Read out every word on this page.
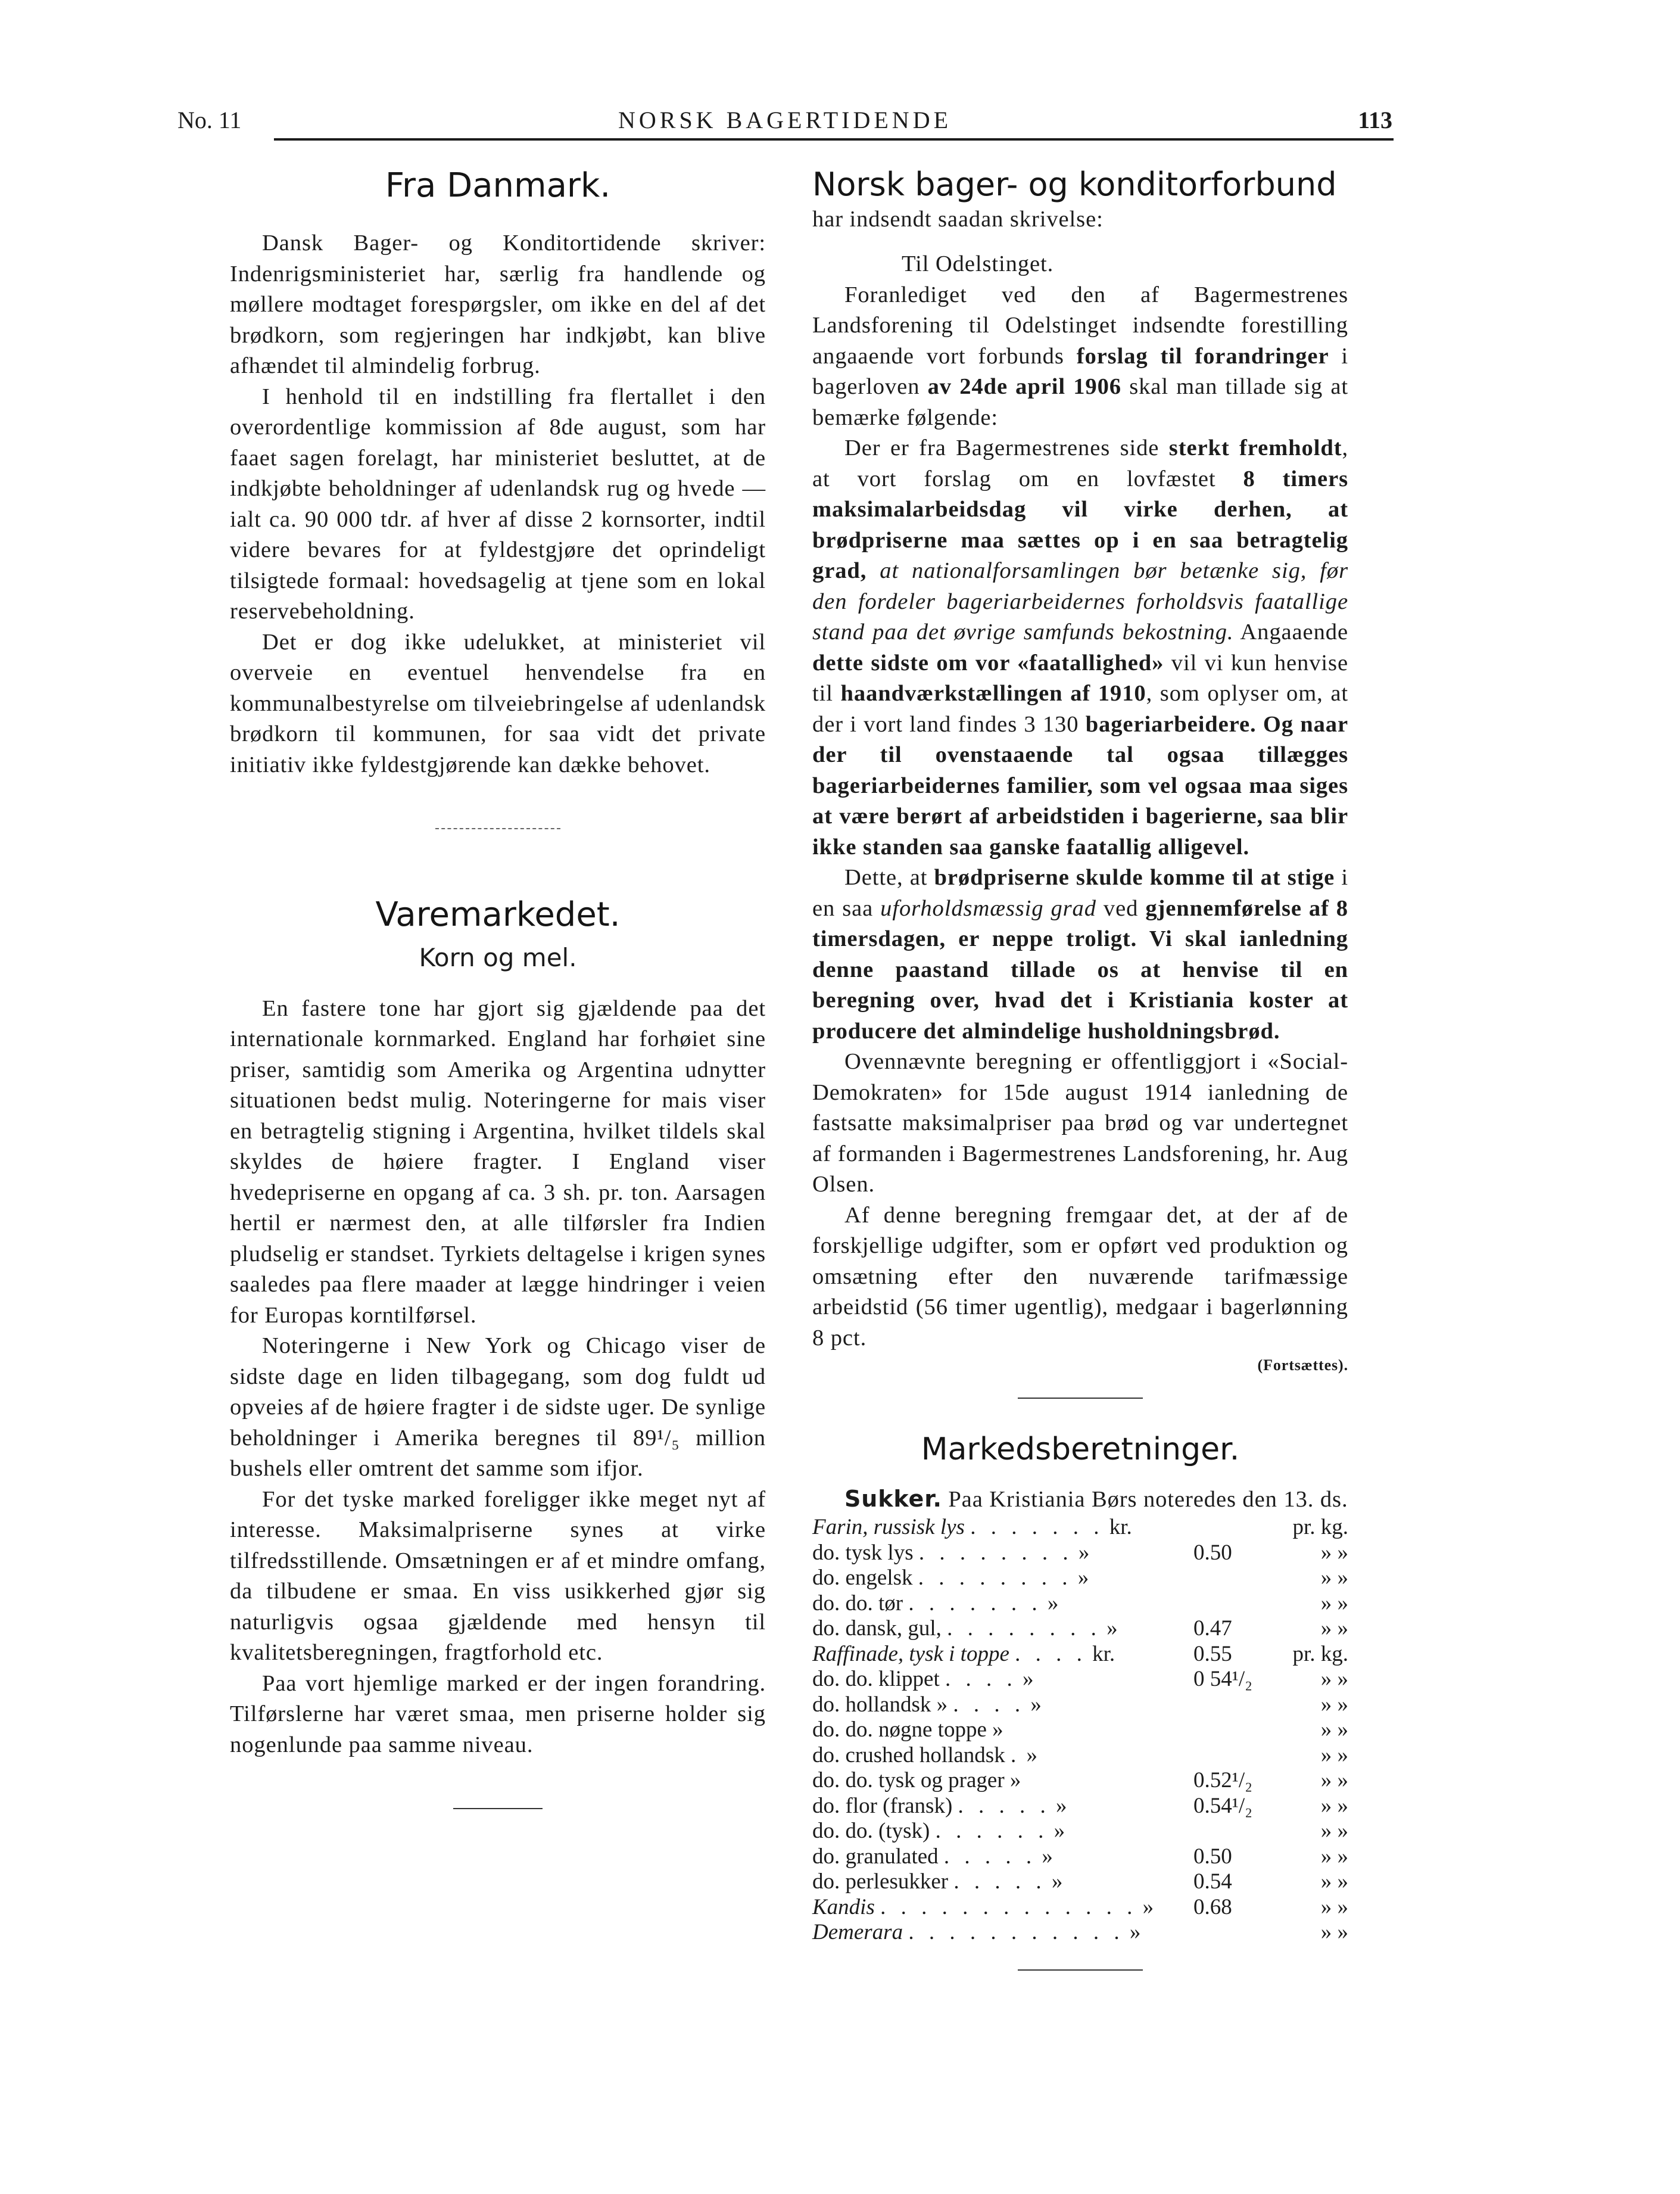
No. 11	NORSK BAGERTIDENDE	113
Fra Danmark.

Dansk Bager- og Konditortidende skriver: Indenrigsministeriet har, særlig fra handlende og møllere modtaget forespørgsler, om ikke en del af det brødkorn, som regjeringen har indkjøbt, kan blive afhændet til almindelig forbrug.

I henhold til en indstilling fra flertallet i den overordentlige kommission af 8de august, som har faaet sagen forelagt, har ministeriet besluttet, at de indkjøbte beholdninger af udenlandsk rug og hvede — ialt ca. 90 000 tdr. af hver af disse 2 kornsorter, indtil videre bevares for at fyldestgjøre det oprindeligt tilsigtede formaal: hovedsagelig at tjene som en lokal reservebeholdning.

Det er dog ikke udelukket, at ministeriet vil overveie en eventuel henvendelse fra en kommunalbestyrelse om tilveiebringelse af udenlandsk brødkorn til kommunen, for saa vidt det private initiativ ikke fyldestgjørende kan dække behovet.

Varemarkedet.
Korn og mel.

En fastere tone har gjort sig gjældende paa det internationale kornmarked. England har forhøiet sine priser, samtidig som Amerika og Argentina udnytter situationen bedst mulig. Noteringerne for mais viser en betragtelig stigning i Argentina, hvilket tildels skal skyldes de høiere fragter. I England viser hvedepriserne en opgang af ca. 3 sh. pr. ton. Aarsagen hertil er nærmest den, at alle tilførsler fra Indien pludselig er standset. Tyrkiets deltagelse i krigen synes saaledes paa flere maader at lægge hindringer i veien for Europas korntilførsel.

Noteringerne i New York og Chicago viser de sidste dage en liden tilbagegang, som dog fuldt ud opveies af de høiere fragter i de sidste uger. De synlige beholdninger i Amerika beregnes til 89¹/₅ million bushels eller omtrent det samme som ifjor.

For det tyske marked foreligger ikke meget nyt af interesse. Maksimalpriserne synes at virke tilfredsstillende. Omsætningen er af et mindre omfang, da tilbudene er smaa. En viss usikkerhed gjør sig naturligvis ogsaa gjældende med hensyn til kvalitetsberegningen, fragtforhold etc.

Paa vort hjemlige marked er der ingen forandring. Tilførslerne har været smaa, men priserne holder sig nogenlunde paa samme niveau.

Norsk bager- og konditorforbund

har indsendt saadan skrivelse:

Til Odelstinget.

Foranlediget ved den af Bagermestrenes Landsforening til Odelstinget indsendte forestilling angaaende vort forbunds forslag til forandringer i bagerloven av 24de april 1906 skal man tillade sig at bemærke følgende:

Der er fra Bagermestrenes side sterkt fremholdt, at vort forslag om en lovfæstet 8 timers maksimalarbeidsdag vil virke derhen, at brødpriserne maa sættes op i en saa betragtelig grad, at nationalforsamlingen bør betænke sig, før den fordeler bageriarbeidernes forholdsvis faatallige stand paa det øvrige samfunds bekostning. Angaaende dette sidste om vor «faatallighed» vil vi kun henvise til haandværkstællingen af 1910, som oplyser om, at der i vort land findes 3 130 bageriarbeidere. Og naar der til ovenstaaende tal ogsaa tillægges bageriarbeidernes familier, som vel ogsaa maa siges at være berørt af arbeidstiden i bagerierne, saa blir ikke standen saa ganske faatallig alligevel.

Dette, at brødpriserne skulde komme til at stige i en saa uforholdsmæssig grad ved gjennemførelse af 8 timersdagen, er neppe troligt. Vi skal ianledning denne paastand tillade os at henvise til en beregning over, hvad det i Kristiania koster at producere det almindelige husholdningsbrød.

Ovennævnte beregning er offentliggjort i «Social-Demokraten» for 15de august 1914 ianledning de fastsatte maksimalpriser paa brød og var undertegnet af formanden i Bagermestrenes Landsforening, hr. Aug Olsen.

Af denne beregning fremgaar det, at der af de forskjellige udgifter, som er opført ved produktion og omsætning efter den nuværende tarifmæssige arbeidstid (56 timer ugentlig), medgaar i bagerlønning 8 pct.

(Fortsættes).

Markedsberetninger.

Sukker. Paa Kristiania Børs noteredes den 13. ds.

Farin, russisk lys . . . . . . . kr.		pr. kg.
do. tysk lys . . . . . . . . »	0.50	» »
do. engelsk . . . . . . . . »		» »
do. do. tør . . . . . . . »		» »
do. dansk, gul, . . . . . . . . »	0.47	» »
Raffinade, tysk i toppe . . . . kr.	0.55	pr. kg.
do. do. klippet . . . . »	0 54¹/₂	» »
do. hollandsk » . . . . »		» »
do. do. nøgne toppe »		» »
do. crushed hollandsk . »		» »
do. do. tysk og prager »	0.52¹/₂	» »
do. flor (fransk) . . . . . »	0.54¹/₂	» »
do. do. (tysk) . . . . . . »		» »
do. granulated . . . . . »	0.50	» »
do. perlesukker . . . . . »	0.54	» »
Kandis . . . . . . . . . . . . . »	0.68	» »
Demerara . . . . . . . . . . . »		» »
